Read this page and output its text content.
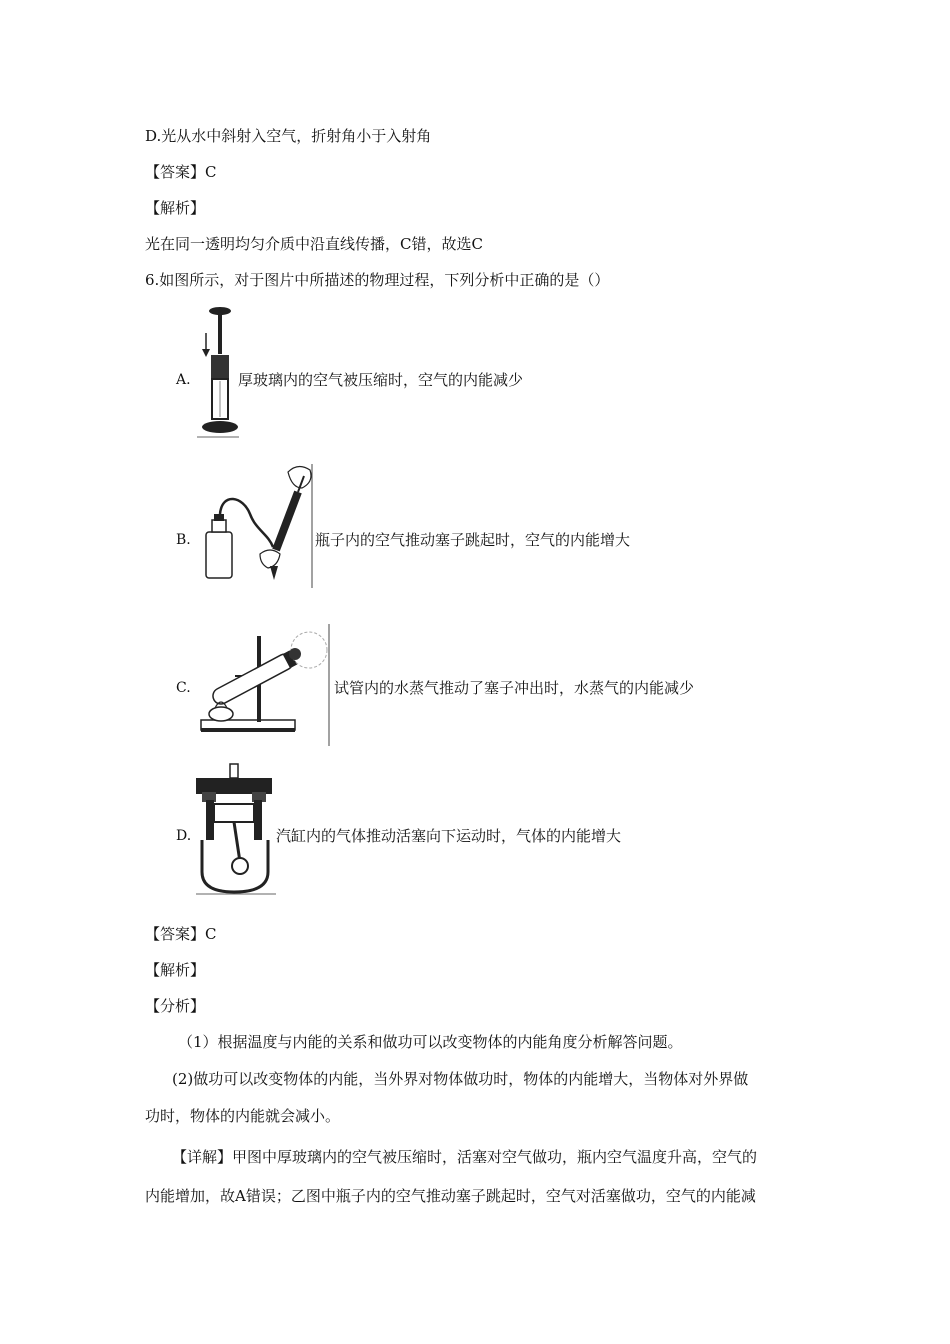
D.光从水中斜射入空气，折射角小于入射角
【答案】C
【解析】
光在同一透明均匀介质中沿直线传播，C错，故选C
6.如图所示，对于图片中所描述的物理过程，下列分析中正确的是（）
A.	厚玻璃内的空气被压缩时，空气的内能减少
B.	瓶子内的空气推动塞子跳起时，空气的内能增大
C.	试管内的水蒸气推动了塞子冲出时，水蒸气的内能减少
D.	汽缸内的气体推动活塞向下运动时，气体的内能增大
【答案】C
【解析】
【分析】
（1）根据温度与内能的关系和做功可以改变物体的内能角度分析解答问题。
(2)做功可以改变物体的内能，当外界对物体做功时，物体的内能增大，当物体对外界做
功时，物体的内能就会减小。
【详解】甲图中厚玻璃内的空气被压缩时，活塞对空气做功，瓶内空气温度升高，空气的
内能增加，故A错误；乙图中瓶子内的空气推动塞子跳起时，空气对活塞做功，空气的内能减
